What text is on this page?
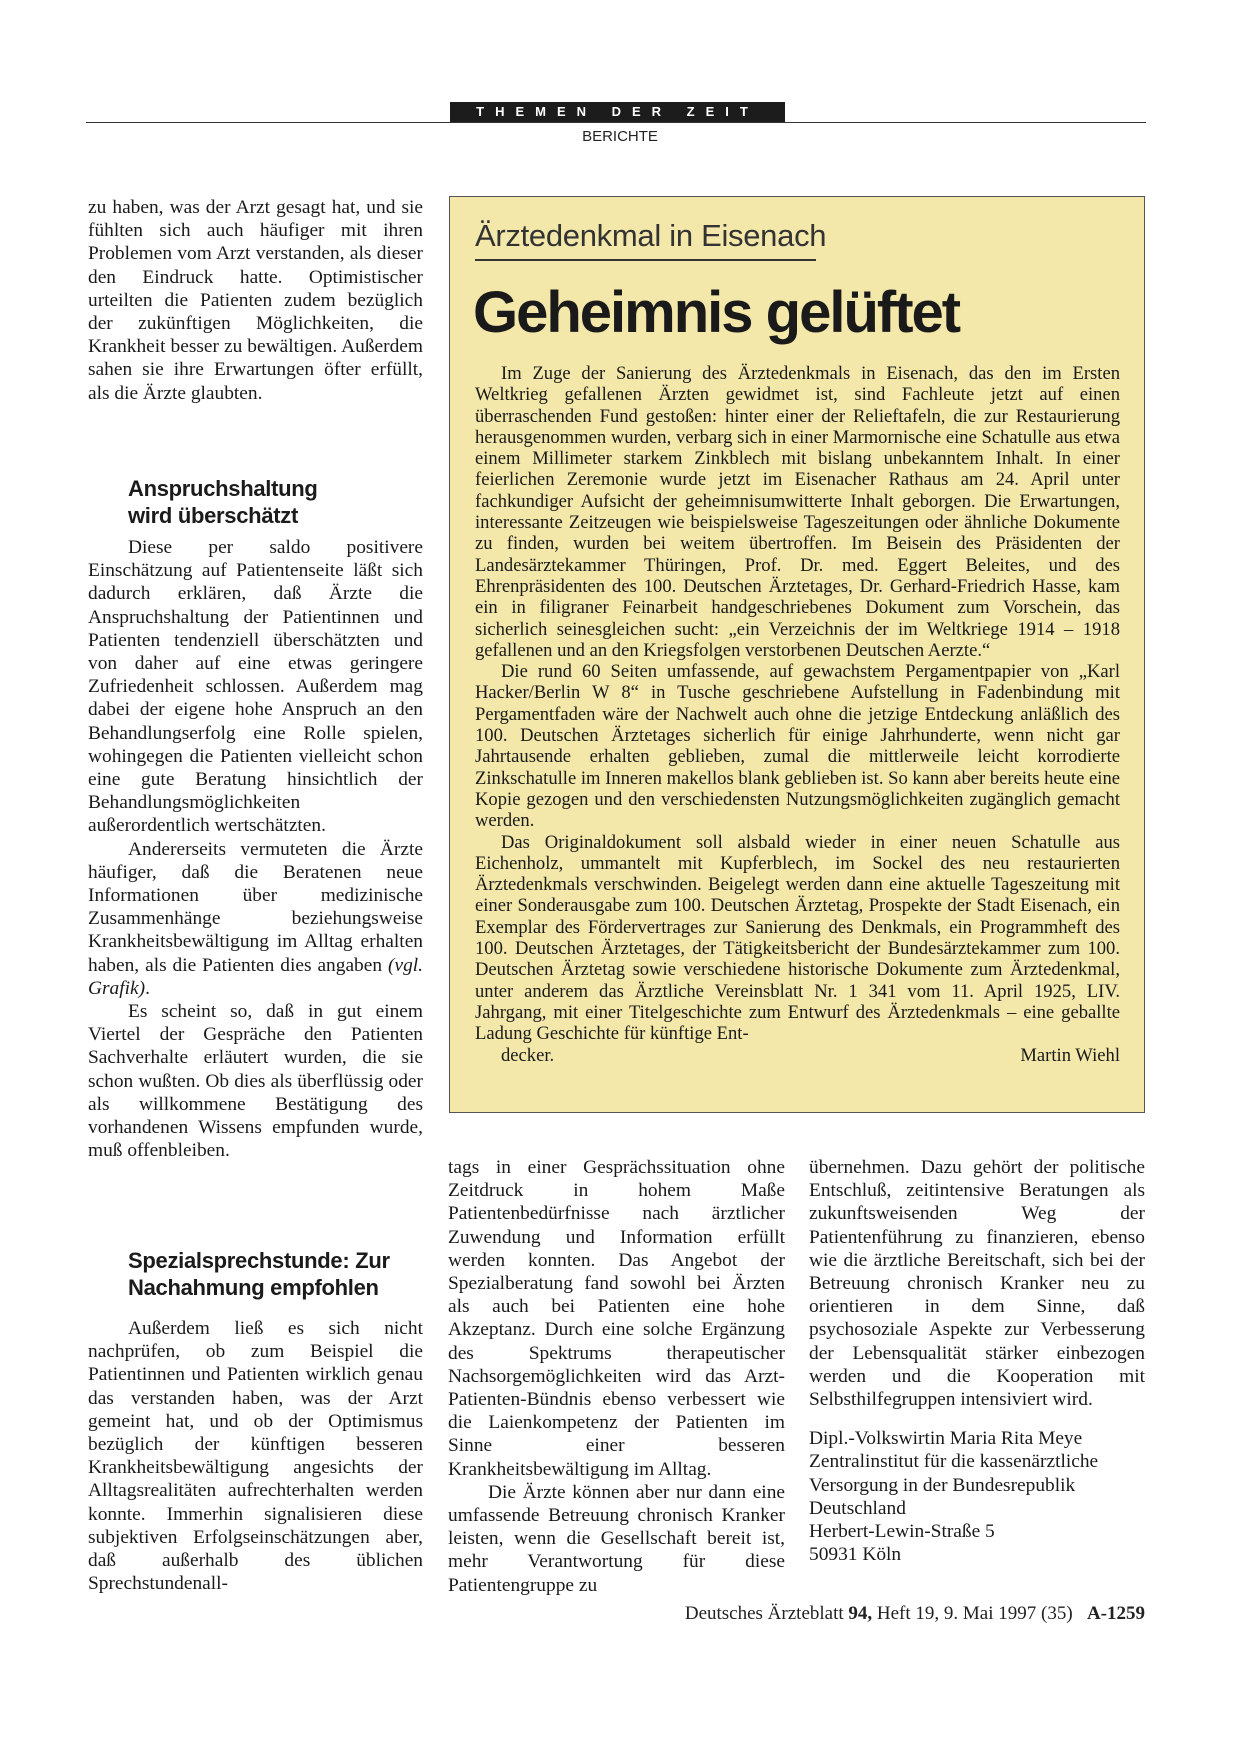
THEMEN DER ZEIT
BERICHTE

zu haben, was der Arzt gesagt hat, und sie fühlten sich auch häufiger mit ihren Problemen vom Arzt verstanden, als dieser den Eindruck hatte. Optimistischer urteilten die Patienten zudem bezüglich der zukünftigen Möglichkeiten, die Krankheit besser zu bewältigen. Außerdem sahen sie ihre Erwartungen öfter erfüllt, als die Ärzte glaubten.

Anspruchshaltung
wird überschätzt

Diese per saldo positivere Einschätzung auf Patientenseite läßt sich dadurch erklären, daß Ärzte die Anspruchshaltung der Patientinnen und Patienten tendenziell überschätzten und von daher auf eine etwas geringere Zufriedenheit schlossen. Außerdem mag dabei der eigene hohe Anspruch an den Behandlungserfolg eine Rolle spielen, wohingegen die Patienten vielleicht schon eine gute Beratung hinsichtlich der Behandlungsmöglichkeiten außerordentlich wertschätzten.

Andererseits vermuteten die Ärzte häufiger, daß die Beratenen neue Informationen über medizinische Zusammenhänge beziehungsweise Krankheitsbewältigung im Alltag erhalten haben, als die Patienten dies angaben (vgl. Grafik).

Es scheint so, daß in gut einem Viertel der Gespräche den Patienten Sachverhalte erläutert wurden, die sie schon wußten. Ob dies als überflüssig oder als willkommene Bestätigung des vorhandenen Wissens empfunden wurde, muß offenbleiben.

Spezialsprechstunde: Zur
Nachahmung empfohlen

Außerdem ließ es sich nicht nachprüfen, ob zum Beispiel die Patientinnen und Patienten wirklich genau das verstanden haben, was der Arzt gemeint hat, und ob der Optimismus bezüglich der künftigen besseren Krankheitsbewältigung angesichts der Alltagsrealitäten aufrechterhalten werden konnte. Immerhin signalisieren diese subjektiven Erfolgseinschätzungen aber, daß außerhalb des üblichen Sprechstundenall-

Ärztedenkmal in Eisenach
Geheimnis gelüftet

Im Zuge der Sanierung des Ärztedenkmals in Eisenach, das den im Ersten Weltkrieg gefallenen Ärzten gewidmet ist, sind Fachleute jetzt auf einen überraschenden Fund gestoßen: hinter einer der Relieftafeln, die zur Restaurierung herausgenommen wurden, verbarg sich in einer Marmornische eine Schatulle aus etwa einem Millimeter starkem Zinkblech mit bislang unbekanntem Inhalt. In einer feierlichen Zeremonie wurde jetzt im Eisenacher Rathaus am 24. April unter fachkundiger Aufsicht der geheimnisumwitterte Inhalt geborgen. Die Erwartungen, interessante Zeitzeugen wie beispielsweise Tageszeitungen oder ähnliche Dokumente zu finden, wurden bei weitem übertroffen. Im Beisein des Präsidenten der Landesärztekammer Thüringen, Prof. Dr. med. Eggert Beleites, und des Ehrenpräsidenten des 100. Deutschen Ärztetages, Dr. Gerhard-Friedrich Hasse, kam ein in filigraner Feinarbeit handgeschriebenes Dokument zum Vorschein, das sicherlich seinesgleichen sucht: „ein Verzeichnis der im Weltkriege 1914 – 1918 gefallenen und an den Kriegsfolgen verstorbenen Deutschen Aerzte.“

Die rund 60 Seiten umfassende, auf gewachstem Pergamentpapier von „Karl Hacker/Berlin W 8“ in Tusche geschriebene Aufstellung in Fadenbindung mit Pergamentfaden wäre der Nachwelt auch ohne die jetzige Entdeckung anläßlich des 100. Deutschen Ärztetages sicherlich für einige Jahrhunderte, wenn nicht gar Jahrtausende erhalten geblieben, zumal die mittlerweile leicht korrodierte Zinkschatulle im Inneren makellos blank geblieben ist. So kann aber bereits heute eine Kopie gezogen und den verschiedensten Nutzungsmöglichkeiten zugänglich gemacht werden.

Das Originaldokument soll alsbald wieder in einer neuen Schatulle aus Eichenholz, ummantelt mit Kupferblech, im Sockel des neu restaurierten Ärztedenkmals verschwinden. Beigelegt werden dann eine aktuelle Tageszeitung mit einer Sonderausgabe zum 100. Deutschen Ärztetag, Prospekte der Stadt Eisenach, ein Exemplar des Fördervertrages zur Sanierung des Denkmals, ein Programmheft des 100. Deutschen Ärztetages, der Tätigkeitsbericht der Bundesärztekammer zum 100. Deutschen Ärztetag sowie verschiedene historische Dokumente zum Ärztedenkmal, unter anderem das Ärztliche Vereinsblatt Nr. 1 341 vom 11. April 1925, LIV. Jahrgang, mit einer Titelgeschichte zum Entwurf des Ärztedenkmals – eine geballte Ladung Geschichte für künftige Ent-

decker.	Martin Wiehl

tags in einer Gesprächssituation ohne Zeitdruck in hohem Maße Patientenbedürfnisse nach ärztlicher Zuwendung und Information erfüllt werden konnten. Das Angebot der Spezialberatung fand sowohl bei Ärzten als auch bei Patienten eine hohe Akzeptanz. Durch eine solche Ergänzung des Spektrums therapeutischer Nachsorgemöglichkeiten wird das Arzt-Patienten-Bündnis ebenso verbessert wie die Laienkompetenz der Patienten im Sinne einer besseren Krankheitsbewältigung im Alltag.

Die Ärzte können aber nur dann eine umfassende Betreuung chronisch Kranker leisten, wenn die Gesellschaft bereit ist, mehr Verantwortung für diese Patientengruppe zu

übernehmen. Dazu gehört der politische Entschluß, zeitintensive Beratungen als zukunftsweisenden Weg der Patientenführung zu finanzieren, ebenso wie die ärztliche Bereitschaft, sich bei der Betreuung chronisch Kranker neu zu orientieren in dem Sinne, daß psychosoziale Aspekte zur Verbesserung der Lebensqualität stärker einbezogen werden und die Kooperation mit Selbsthilfegruppen intensiviert wird.

Dipl.-Volkswirtin Maria Rita Meye
Zentralinstitut für die kassenärztliche
Versorgung in der Bundesrepublik
Deutschland
Herbert-Lewin-Straße 5
50931 Köln
Deutsches Ärzteblatt 94, Heft 19, 9. Mai 1997 (35) A-1259
